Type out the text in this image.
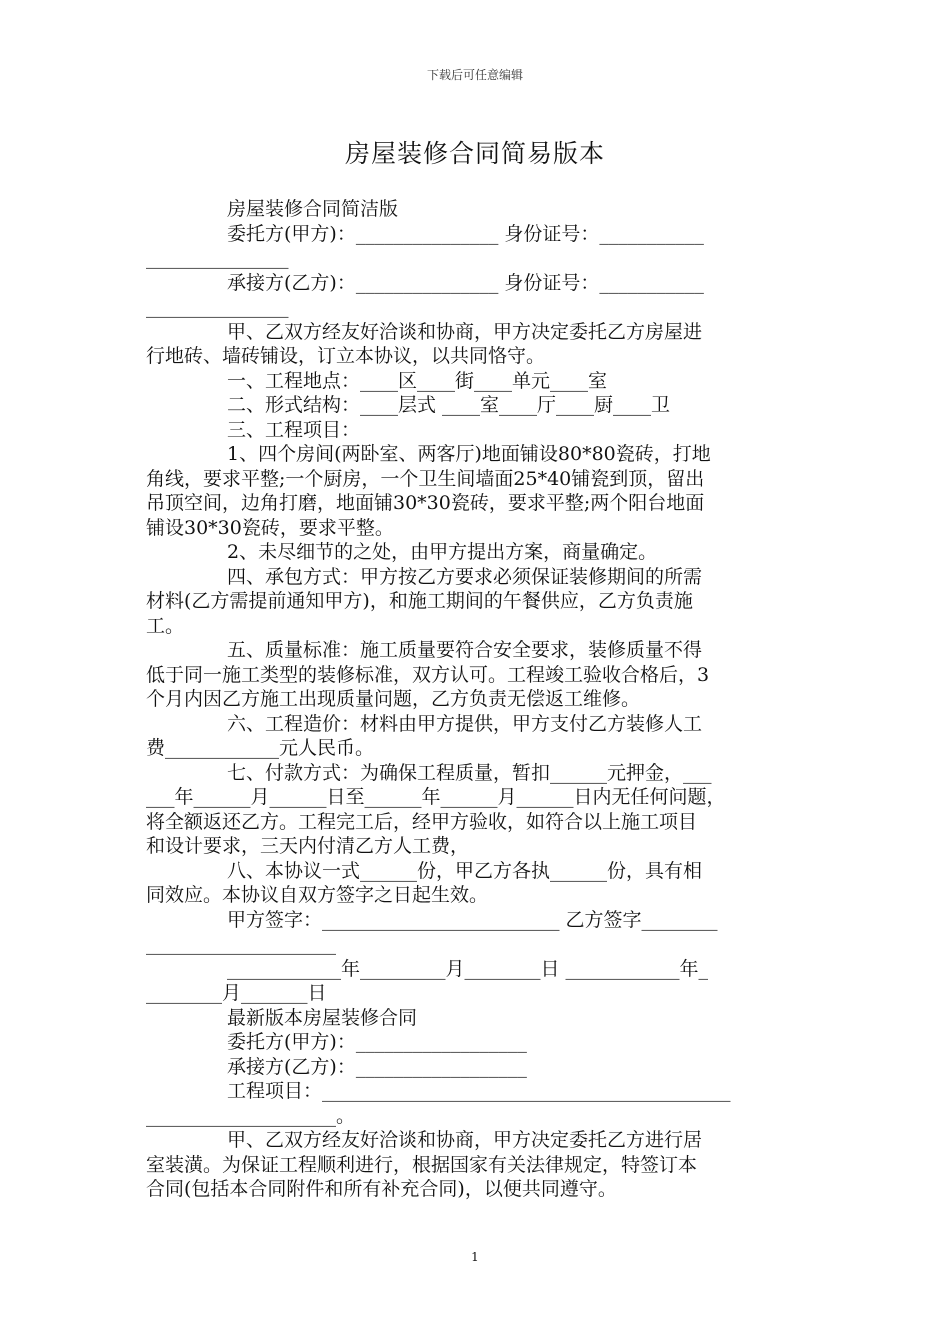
下载后可任意编辑
房屋装修合同简易版本

房屋装修合同简洁版

委托方(甲方)：_______________ 身份证号：___________

_______________

承接方(乙方)：_______________ 身份证号：___________

_______________

甲、乙双方经友好洽谈和协商，甲方决定委托乙方房屋进

行地砖、墙砖铺设，订立本协议，以共同恪守。

一、工程地点：____区____街____单元____室

二、形式结构：____层式 ____室____厅____厨____卫

三、工程项目：

1、四个房间(两卧室、两客厅)地面铺设80*80瓷砖，打地

角线，要求平整;一个厨房，一个卫生间墙面25*40铺瓷到顶，留出

吊顶空间，边角打磨，地面铺30*30瓷砖，要求平整;两个阳台地面

铺设30*30瓷砖，要求平整。

2、未尽细节的之处，由甲方提出方案，商量确定。

四、承包方式：甲方按乙方要求必须保证装修期间的所需

材料(乙方需提前通知甲方)，和施工期间的午餐供应，乙方负责施

工。

五、质量标准：施工质量要符合安全要求，装修质量不得

低于同一施工类型的装修标准，双方认可。工程竣工验收合格后，3

个月内因乙方施工出现质量问题，乙方负责无偿返工维修。

六、工程造价：材料由甲方提供，甲方支付乙方装修人工

费____________元人民币。

七、付款方式：为确保工程质量，暂扣______元押金，___

___年______月______日至______年______月______日内无任何问题，

将全额返还乙方。工程完工后，经甲方验收，如符合以上施工项目

和设计要求，三天内付清乙方人工费，

八、本协议一式______份，甲乙方各执______份，具有相

同效应。本协议自双方签字之日起生效。

甲方签字：_________________________ 乙方签字________

____________________

____________年_________月________日 ____________年_

________月_______日

最新版本房屋装修合同

委托方(甲方)：__________________

承接方(乙方)：__________________

工程项目：___________________________________________

____________________。

甲、乙双方经友好洽谈和协商，甲方决定委托乙方进行居

室装潢。为保证工程顺利进行，根据国家有关法律规定，特签订本

合同(包括本合同附件和所有补充合同)，以便共同遵守。

1
